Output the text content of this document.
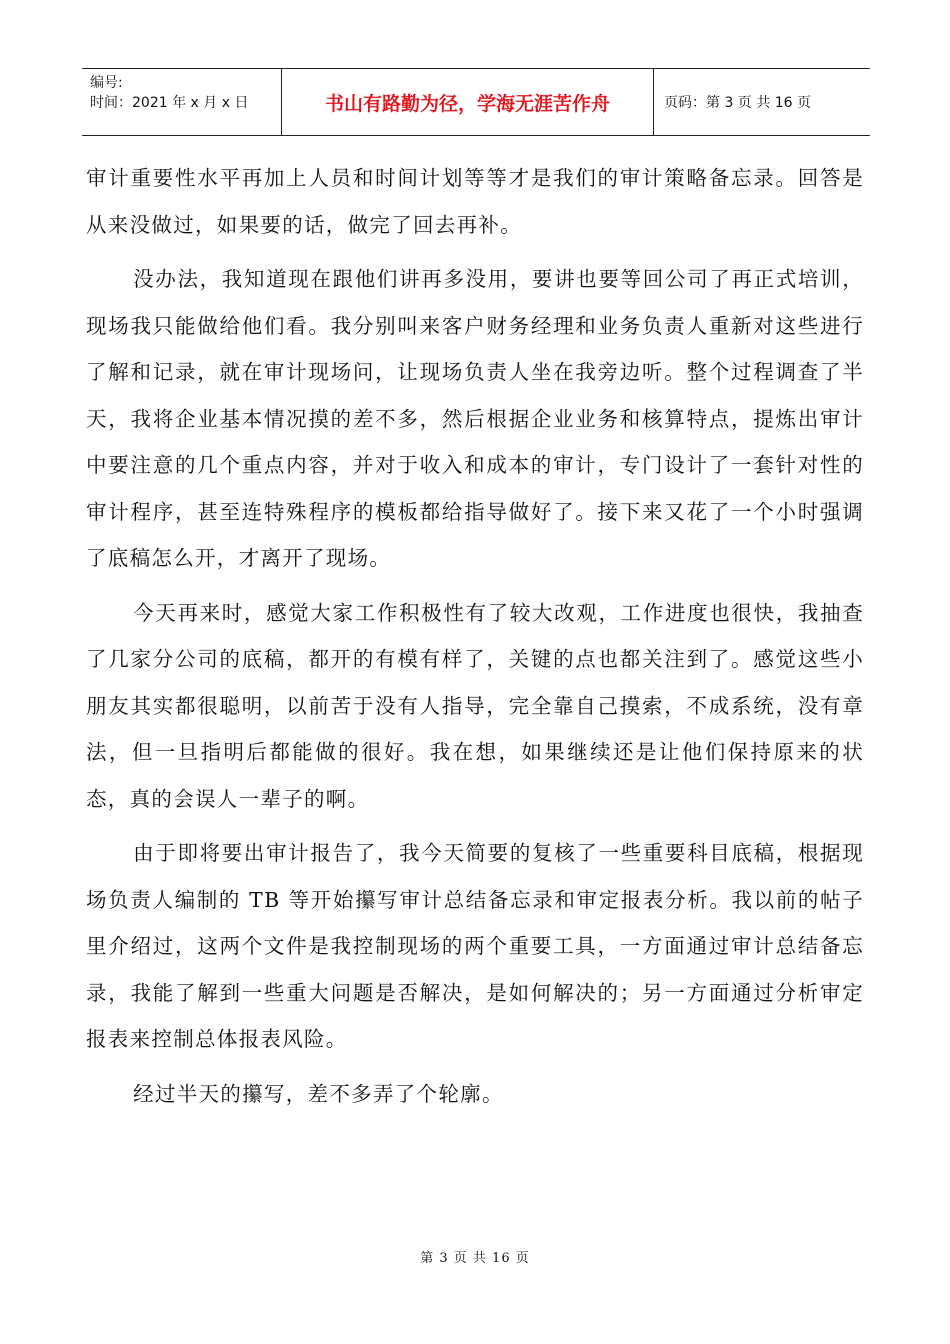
编号:
时间：2021 年 x 月 x 日	书山有路勤为径，学海无涯苦作舟	页码：第 3 页 共 16 页

审计重要性水平再加上人员和时间计划等等才是我们的审计策略备忘录。回答是从来没做过，如果要的话，做完了回去再补。

没办法，我知道现在跟他们讲再多没用，要讲也要等回公司了再正式培训，现场我只能做给他们看。我分别叫来客户财务经理和业务负责人重新对这些进行了解和记录，就在审计现场问，让现场负责人坐在我旁边听。整个过程调查了半天，我将企业基本情况摸的差不多，然后根据企业业务和核算特点，提炼出审计中要注意的几个重点内容，并对于收入和成本的审计，专门设计了一套针对性的审计程序，甚至连特殊程序的模板都给指导做好了。接下来又花了一个小时强调了底稿怎么开，才离开了现场。

今天再来时，感觉大家工作积极性有了较大改观，工作进度也很快，我抽查了几家分公司的底稿，都开的有模有样了，关键的点也都关注到了。感觉这些小朋友其实都很聪明，以前苦于没有人指导，完全靠自己摸索，不成系统，没有章法，但一旦指明后都能做的很好。我在想，如果继续还是让他们保持原来的状态，真的会误人一辈子的啊。

由于即将要出审计报告了，我今天简要的复核了一些重要科目底稿，根据现场负责人编制的 TB 等开始攥写审计总结备忘录和审定报表分析。我以前的帖子里介绍过，这两个文件是我控制现场的两个重要工具，一方面通过审计总结备忘录，我能了解到一些重大问题是否解决，是如何解决的；另一方面通过分析审定报表来控制总体报表风险。

经过半天的攥写，差不多弄了个轮廓。

第 3 页 共 16 页
